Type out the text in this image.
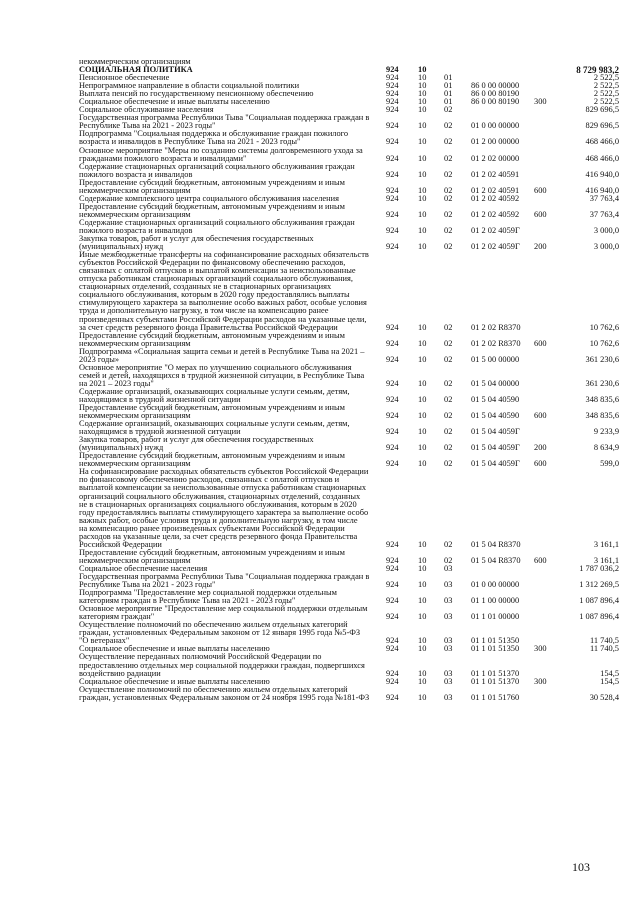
некоммерческим организациям
СОЦИАЛЬНАЯ ПОЛИТИКА	924 10	8 729 983,2
Пенсионное обеспечение	924 10 01	2 522,5
Непрограммное направление в области социальной политики	924 10 01 86 0 00 00000	2 522,5
Выплата пенсий по государственному пенсионному обеспечению	924 10 01 86 0 00 80190	2 522,5
Социальное обеспечение и иные выплаты населению	924 10 01 86 0 00 80190 300	2 522,5
Социальное обслуживание населения	924 10 02	829 696,5
Государственная программа Республики Тыва "Социальная поддержка граждан в
Республике Тыва на 2021 - 2023 годы"	924 10 02 01 0 00 00000	829 696,5
Подпрограмма "Социальная поддержка и обслуживание граждан пожилого
возраста и инвалидов в Республике Тыва на 2021 - 2023 годы"	924 10 02 01 2 00 00000	468 466,0
Основное мероприятие "Меры по созданию системы долговременного ухода за
гражданами пожилого возраста и инвалидами"	924 10 02 01 2 02 00000	468 466,0
Содержание стационарных организаций социального обслуживания граждан
пожилого возраста и инвалидов	924 10 02 01 2 02 40591	416 940,0
Предоставление субсидий бюджетным, автономным учреждениям и иным
некоммерческим организациям	924 10 02 01 2 02 40591 600	416 940,0
Содержание комплексного центра социального обслуживания населения	924 10 02 01 2 02 40592	37 763,4
Предоставление субсидий бюджетным, автономным учреждениям и иным
некоммерческим организациям	924 10 02 01 2 02 40592 600	37 763,4
Содержание стационарных организаций социального обслуживания граждан
пожилого возраста и инвалидов	924 10 02 01 2 02 4059Г	3 000,0
Закупка товаров, работ и услуг для обеспечения государственных
(муниципальных) нужд	924 10 02 01 2 02 4059Г 200	3 000,0
Иные межбюджетные трансферты на софинансирование расходных обязательств
субъектов Российской Федерации по финансовому обеспечению расходов,
связанных с оплатой отпусков и выплатой компенсации за неиспользованные
отпуска работникам стационарных организаций социального обслуживания,
стационарных отделений, созданных не в стационарных организациях
социального обслуживания, которым в 2020 году предоставлялись выплаты
стимулирующего характера за выполнение особо важных работ, особые условия
труда и дополнительную нагрузку, в том числе на компенсацию ранее
произведенных субъектами Российской Федерации расходов на указанные цели,
за счет средств резервного фонда Правительства Российской Федерации	924 10 02 01 2 02 R8370	10 762,6
Предоставление субсидий бюджетным, автономным учреждениям и иным
некоммерческим организациям	924 10 02 01 2 02 R8370 600	10 762,6
Подпрограмма «Социальная защита семьи и детей в Республике Тыва на 2021 –
2023 годы»	924 10 02 01 5 00 00000	361 230,6
Основное мероприятие "О мерах по улучшению социального обслуживания
семей и детей, находящихся в трудной жизненной ситуации, в Республике Тыва
на 2021 – 2023 годы"	924 10 02 01 5 04 00000	361 230,6
Содержание организаций, оказывающих социальные услуги семьям, детям,
находящимся в трудной жизненной ситуации	924 10 02 01 5 04 40590	348 835,6
Предоставление субсидий бюджетным, автономным учреждениям и иным
некоммерческим организациям	924 10 02 01 5 04 40590 600	348 835,6
Содержание организаций, оказывающих социальные услуги семьям, детям,
находящимся в трудной жизненной ситуации	924 10 02 01 5 04 4059Г	9 233,9
Закупка товаров, работ и услуг для обеспечения государственных
(муниципальных) нужд	924 10 02 01 5 04 4059Г 200	8 634,9
Предоставление субсидий бюджетным, автономным учреждениям и иным
некоммерческим организациям	924 10 02 01 5 04 4059Г 600	599,0
На софинансирование расходных обязательств субъектов Российской Федерации
по финансовому обеспечению расходов, связанных с оплатой отпусков и
выплатой компенсации за неиспользованные отпуска работникам стационарных
организаций социального обслуживания, стационарных отделений, созданных
не в стационарных организациях социального обслуживания, которым в 2020
году предоставлялись выплаты стимулирующего характера за выполнение особо
важных работ, особые условия труда и дополнительную нагрузку, в том числе
на компенсацию ранее произведенных субъектами Российской Федерации
расходов на указанные цели, за счет средств резервного фонда Правительства
Российской Федерации	924 10 02 01 5 04 R8370	3 161,1
Предоставление субсидий бюджетным, автономным учреждениям и иным
некоммерческим организациям	924 10 02 01 5 04 R8370 600	3 161,1
Социальное обеспечение населения	924 10 03	1 787 036,2
Государственная программа Республики Тыва "Социальная поддержка граждан в
Республике Тыва на 2021 - 2023 годы"	924 10 03 01 0 00 00000	1 312 269,5
Подпрограмма "Предоставление мер социальной поддержки отдельным
категориям граждан в Республике Тыва на 2021 - 2023 годы"	924 10 03 01 1 00 00000	1 087 896,4
Основное мероприятие "Предоставление мер социальной поддержки отдельным
категориям граждан"	924 10 03 01 1 01 00000	1 087 896,4
Осуществление полномочий по обеспечению жильем отдельных категорий
граждан, установленных Федеральным законом от 12 января 1995 года №5-ФЗ
"О ветеранах"	924 10 03 01 1 01 51350	11 740,5
Социальное обеспечение и иные выплаты населению	924 10 03 01 1 01 51350 300	11 740,5
Осуществление переданных полномочий Российской Федерации по
предоставлению отдельных мер социальной поддержки граждан, подвергшихся
воздействию радиации	924 10 03 01 1 01 51370	154,5
Социальное обеспечение и иные выплаты населению	924 10 03 01 1 01 51370 300	154,5
Осуществление полномочий по обеспечению жильем отдельных категорий
граждан, установленных Федеральным законом от 24 ноября 1995 года №181-ФЗ	924 10 03 01 1 01 51760	30 528,4
103
